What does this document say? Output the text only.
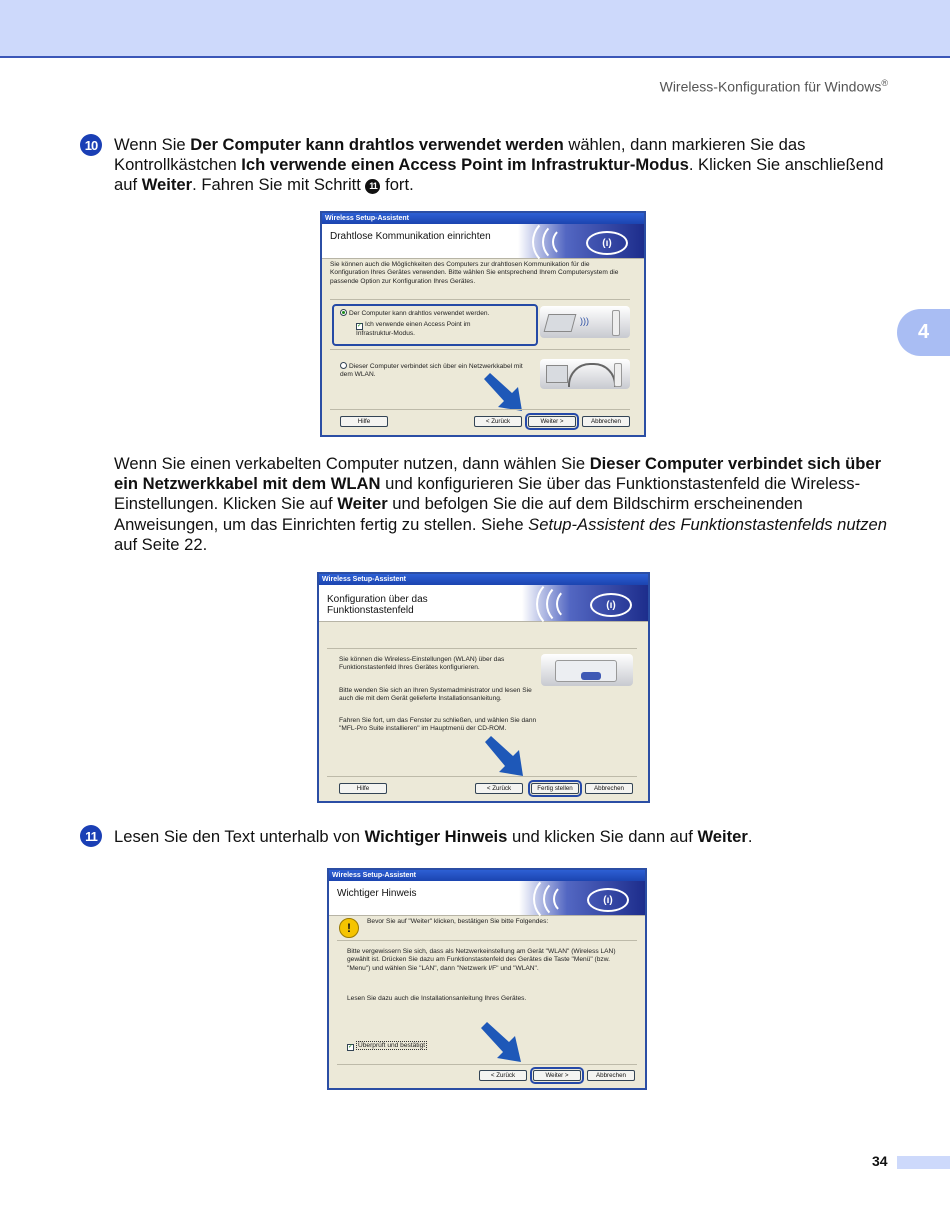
Wireless-Konfiguration für Windows®
4
10 Wenn Sie Der Computer kann drahtlos verwendet werden wählen, dann markieren Sie das Kontrollkästchen Ich verwende einen Access Point im Infrastruktur-Modus. Klicken Sie anschließend auf Weiter. Fahren Sie mit Schritt 11 fort.
Wireless Setup-Assistent
Drahtlose Kommunikation einrichten
(ı)
Sie können auch die Möglichkeiten des Computers zur drahtlosen Kommunikation für die Konfiguration Ihres Gerätes verwenden. Bitte wählen Sie entsprechend Ihrem Computersystem die passende Option zur Konfiguration Ihres Gerätes.
Der Computer kann drahtlos verwendet werden.
✓ Ich verwende einen Access Point im Infrastruktur-Modus.
)))
Dieser Computer verbindet sich über ein Netzwerkkabel mit dem WLAN.
Hilfe	< Zurück	Weiter >	Abbrechen
Wenn Sie einen verkabelten Computer nutzen, dann wählen Sie Dieser Computer verbindet sich über ein Netzwerkkabel mit dem WLAN und konfigurieren Sie über das Funktionstastenfeld die Wireless-Einstellungen. Klicken Sie auf Weiter und befolgen Sie die auf dem Bildschirm erscheinenden Anweisungen, um das Einrichten fertig zu stellen. Siehe Setup-Assistent des Funktionstastenfelds nutzen auf Seite 22.
Wireless Setup-Assistent
Konfiguration über das
Funktionstastenfeld	(ı)
Sie können die Wireless-Einstellungen (WLAN) über das Funktionstastenfeld Ihres Gerätes konfigurieren.
Bitte wenden Sie sich an Ihren Systemadministrator und lesen Sie auch die mit dem Gerät gelieferte Installationsanleitung.
Fahren Sie fort, um das Fenster zu schließen, und wählen Sie dann "MFL-Pro Suite installieren" im Hauptmenü der CD-ROM.
Hilfe	< Zurück	Fertig stellen	Abbrechen
11	Lesen Sie den Text unterhalb von Wichtiger Hinweis und klicken Sie dann auf Weiter.
Wireless Setup-Assistent
Wichtiger Hinweis
(ı)
!	Bevor Sie auf "Weiter" klicken, bestätigen Sie bitte Folgendes:
Bitte vergewissern Sie sich, dass als Netzwerkeinstellung am Gerät "WLAN" (Wireless LAN) gewählt ist. Drücken Sie dazu am Funktionstastenfeld des Gerätes die Taste "Menü" (bzw. "Menu") und wählen Sie "LAN", dann "Netzwerk I/F" und "WLAN".
Lesen Sie dazu auch die Installationsanleitung Ihres Gerätes.
✓ Überprüft und bestätigt
< Zurück	Weiter >	Abbrechen
34
